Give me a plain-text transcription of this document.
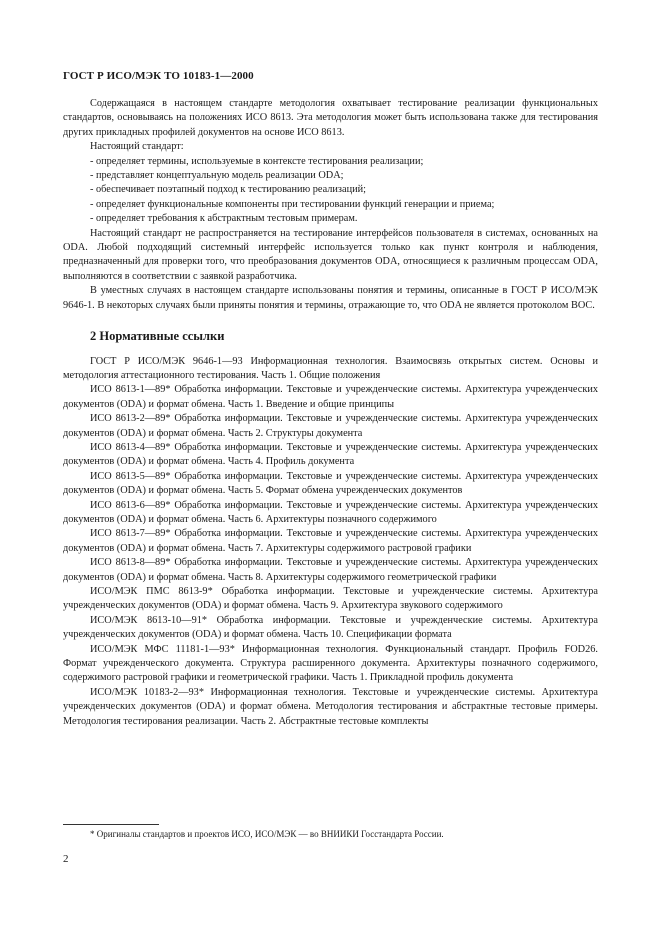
ГОСТ Р ИСО/МЭК ТО 10183-1—2000

Содержащаяся в настоящем стандарте методология охватывает тестирование реализации функциональных стандартов, основываясь на положениях ИСО 8613. Эта методология может быть использована также для тестирования других прикладных профилей документов на основе ИСО 8613.

Настоящий стандарт:

- определяет термины, используемые в контексте тестирования реализации;
- представляет концептуальную модель реализации ODA;
- обеспечивает поэтапный подход к тестированию реализаций;
- определяет функциональные компоненты при тестировании функций генерации и приема;
- определяет требования к абстрактным тестовым примерам.

Настоящий стандарт не распространяется на тестирование интерфейсов пользователя в системах, основанных на ODA. Любой подходящий системный интерфейс используется только как пункт контроля и наблюдения, предназначенный для проверки того, что преобразования документов ODA, относящиеся к различным процессам ODA, выполняются в соответствии с заявкой разработчика.

В уместных случаях в настоящем стандарте использованы понятия и термины, описанные в ГОСТ Р ИСО/МЭК 9646-1. В некоторых случаях были приняты понятия и термины, отражающие то, что ODA не является протоколом ВОС.

2 Нормативные ссылки

ГОСТ Р ИСО/МЭК 9646-1—93 Информационная технология. Взаимосвязь открытых систем. Основы и методология аттестационного тестирования. Часть 1. Общие положения

ИСО 8613-1—89* Обработка информации. Текстовые и учрежденческие системы. Архитектура учрежденческих документов (ODA) и формат обмена. Часть 1. Введение и общие принципы

ИСО 8613-2—89* Обработка информации. Текстовые и учрежденческие системы. Архитектура учрежденческих документов (ODA) и формат обмена. Часть 2. Структуры документа

ИСО 8613-4—89* Обработка информации. Текстовые и учрежденческие системы. Архитектура учрежденческих документов (ODA) и формат обмена. Часть 4. Профиль документа

ИСО 8613-5—89* Обработка информации. Текстовые и учрежденческие системы. Архитектура учрежденческих документов (ODA) и формат обмена. Часть 5. Формат обмена учрежденческих документов

ИСО 8613-6—89* Обработка информации. Текстовые и учрежденческие системы. Архитектура учрежденческих документов (ODA) и формат обмена. Часть 6. Архитектуры позначного содержимого

ИСО 8613-7—89* Обработка информации. Текстовые и учрежденческие системы. Архитектура учрежденческих документов (ODA) и формат обмена. Часть 7. Архитектуры содержимого растровой графики

ИСО 8613-8—89* Обработка информации. Текстовые и учрежденческие системы. Архитектура учрежденческих документов (ODA) и формат обмена. Часть 8. Архитектуры содержимого геометрической графики

ИСО/МЭК ПМС 8613-9* Обработка информации. Текстовые и учрежденческие системы. Архитектура учрежденческих документов (ODA) и формат обмена. Часть 9. Архитектура звукового содержимого

ИСО/МЭК 8613-10—91* Обработка информации. Текстовые и учрежденческие системы. Архитектура учрежденческих документов (ODA) и формат обмена. Часть 10. Спецификации формата

ИСО/МЭК МФС 11181-1—93* Информационная технология. Функциональный стандарт. Профиль FOD26. Формат учрежденческого документа. Структура расширенного документа. Архитектуры позначного содержимого, содержимого растровой графики и геометрической графики. Часть 1. Прикладной профиль документа

ИСО/МЭК 10183-2—93* Информационная технология. Текстовые и учрежденческие системы. Архитектура учрежденческих документов (ODA) и формат обмена. Методология тестирования и абстрактные тестовые примеры. Методология тестирования реализации. Часть 2. Абстрактные тестовые комплекты

* Оригиналы стандартов и проектов ИСО, ИСО/МЭК — во ВНИИКИ Госстандарта России.
2
